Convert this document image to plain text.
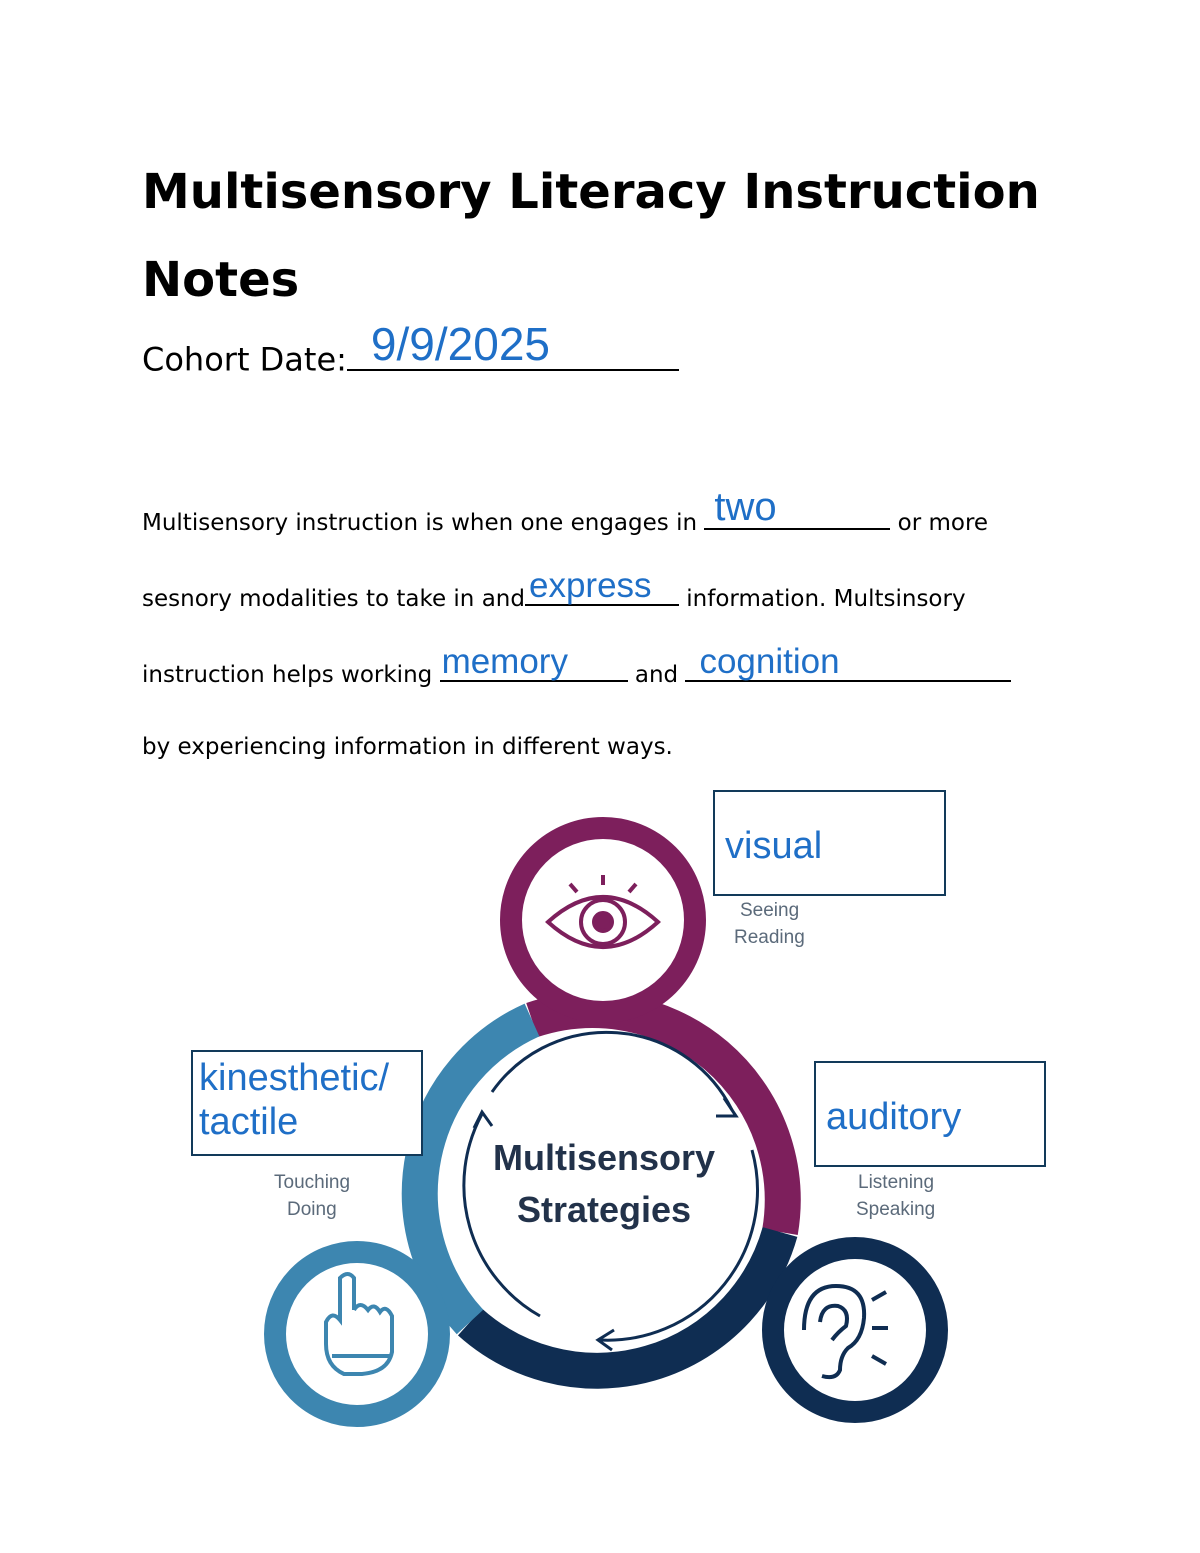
Multisensory Literacy Instruction Notes
Cohort Date: 9/9/2025
Multisensory instruction is when one engages in two	or more
sesnory modalities to take in and express	information. Multsinsory
instruction helps working memory	and cognition
by experiencing information in different ways.
Multisensory
Strategies
Seeing
Reading
Listening
Speaking
Touching
Doing
visual
auditory
kinesthetic/
tactile
